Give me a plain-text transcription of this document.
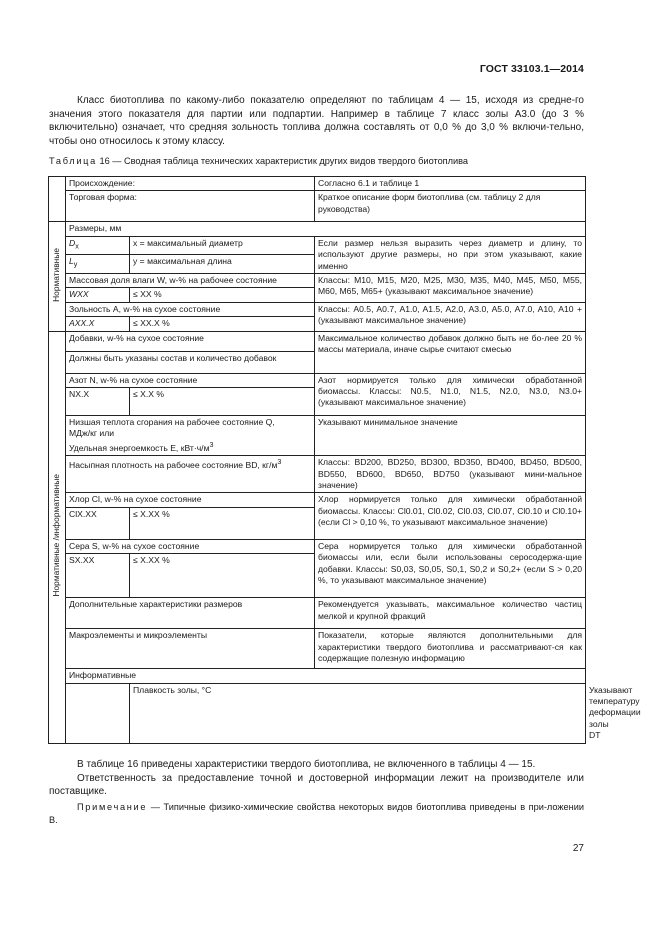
ГОСТ 33103.1—2014

Класс биотоплива по какому-либо показателю определяют по таблицам 4 — 15, исходя из средне-го значения этого показателя для партии или подпартии. Например в таблице 7 класс золы A3.0 (до 3 % включительно) означает, что средняя зольность топлива должна составлять от 0,0 % до 3,0 % включи-тельно, чтобы оно относилось к этому классу.

Таблица 16 — Сводная таблица технических характеристик других видов твердого биотоплива
	Происхождение:		Согласно 6.1 и таблице 1	
	Торговая форма:		Краткое описание форм биотоплива (см. таблицу 2 для руководства)	
Нормативные	Размеры, мм			
	$D_x$	x = максимальный диаметр	Если размер нельзя выразить через диаметр и длину, то используют другие размеры, но при этом указывают, какие именно	
	$L_y$	y = максимальная длина		
	Массовая доля влаги W, w-% на рабочее состояние		Классы: M10, M15, M20, M25, M30, M35, M40, M45, M50, M55, M60, M65, M65+ (указывают максимальное значение)	
	WXX	≤ XX %		
	Зольность A, w-% на сухое состояние		Классы: A0.5, A0.7, A1.0, A1.5, A2.0, A3.0, A5.0, A7.0, A10, A10 + (указывают максимальное значение)	
	AXX.X	≤ XX.X %		
Нормативные /информативные	Добавки, w-% на сухое состояние		Максимальное количество добавок должно быть не бо-лее 20 % массы материала, иначе сырье считают смесью	
	Должны быть указаны состав и количество добавок			
	Азот N, w-% на сухое состояние		Азот нормируется только для химически обработанной биомассы. Классы: N0.5, N1.0, N1.5, N2.0, N3.0, N3.0+ (указывают максимальное значение)	
	NX.X	≤ X.X %		
	Низшая теплота сгорания на рабочее состояние Q,
МДж/кг или
Удельная энергоемкость E, $кВт\cdot ч/м^3$		Указывают минимальное значение	
	Насыпная плотность на рабочее состояние BD, $кг/м^3$		Классы: BD200, BD250, BD300, BD350, BD400, BD450, BD500, BD550, BD600, BD650, BD750 (указывают мини-мальное значение)	
	Хлор Cl, w-% на сухое состояние		Хлор нормируется только для химически обработанной биомассы. Классы: Cl0.01, Cl0.02, Cl0.03, Cl0.07, Cl0.10 и Cl0.10+ (если Cl > 0,10 %, то указывают максимальное значение)	
	ClX.XX	≤ X.XX %		
	Сера S, w-% на сухое состояние		Сера нормируется только для химически обработанной биомассы или, если были использованы серосодержа-щие добавки. Классы: S0,03, S0,05, S0,1, S0,2 и S0,2+ (если S > 0,20 %, то указывают максимальное значение)	
	SX.XX	≤ X.XX %		
	Дополнительные характеристики размеров		Рекомендуется указывать, максимальное количество частиц мелкой и крупной фракций	
	Макроэлементы и микроэлементы		Показатели, которые являются дополнительными для характеристики твердого биотоплива и рассматривают-ся как содержащие полезную информацию	
	Информативные			
		Плавкость золы, °С		Указывают температуру деформации золы DT

В таблице 16 приведены характеристики твердого биотоплива, не включенного в таблицы 4 — 15.

Ответственность за предоставление точной и достоверной информации лежит на производителе или поставщике.

Примечание — Типичные физико-химические свойства некоторых видов биотоплива приведены в при-ложении В.
27
